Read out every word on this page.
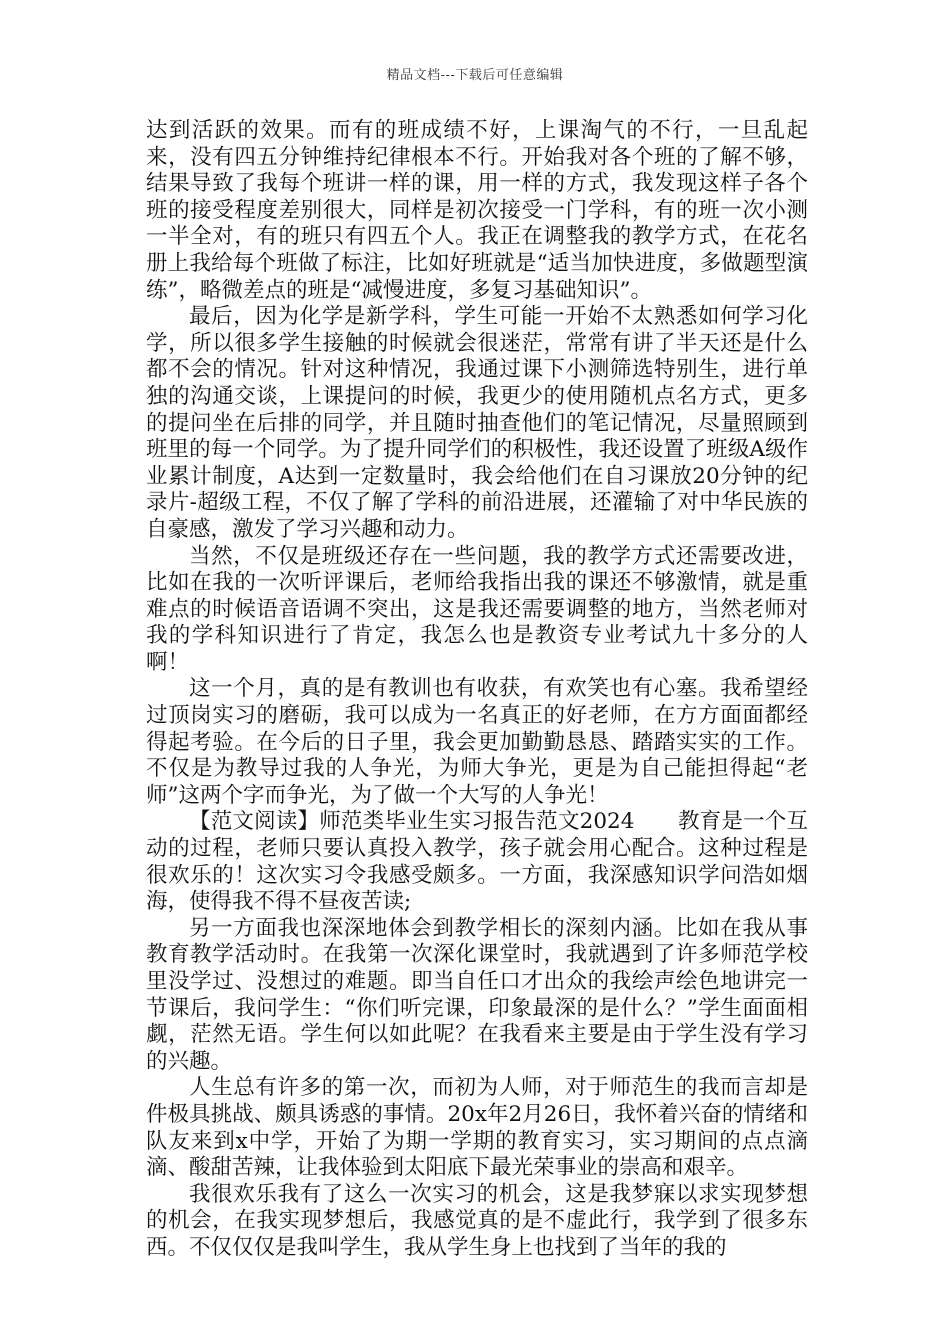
精品文档---下载后可任意编辑

达到活跃的效果。而有的班成绩不好，上课淘气的不行，一旦乱起来，没有四五分钟维持纪律根本不行。开始我对各个班的了解不够，结果导致了我每个班讲一样的课，用一样的方式，我发现这样子各个班的接受程度差别很大，同样是初次接受一门学科，有的班一次小测一半全对，有的班只有四五个人。我正在调整我的教学方式，在花名册上我给每个班做了标注，比如好班就是“适当加快进度，多做题型演练”，略微差点的班是“减慢进度，多复习基础知识”。

最后，因为化学是新学科，学生可能一开始不太熟悉如何学习化学，所以很多学生接触的时候就会很迷茫，常常有讲了半天还是什么都不会的情况。针对这种情况，我通过课下小测筛选特别生，进行单独的沟通交谈，上课提问的时候，我更少的使用随机点名方式，更多的提问坐在后排的同学，并且随时抽查他们的笔记情况，尽量照顾到班里的每一个同学。为了提升同学们的积极性，我还设置了班级A级作业累计制度，A达到一定数量时，我会给他们在自习课放20分钟的纪录片-超级工程，不仅了解了学科的前沿进展，还灌输了对中华民族的自豪感，激发了学习兴趣和动力。

当然，不仅是班级还存在一些问题，我的教学方式还需要改进，比如在我的一次听评课后，老师给我指出我的课还不够激情，就是重难点的时候语音语调不突出，这是我还需要调整的地方，当然老师对我的学科知识进行了肯定，我怎么也是教资专业考试九十多分的人啊！

这一个月，真的是有教训也有收获，有欢笑也有心塞。我希望经过顶岗实习的磨砺，我可以成为一名真正的好老师，在方方面面都经得起考验。在今后的日子里，我会更加勤勤恳恳、踏踏实实的工作。不仅是为教导过我的人争光，为师大争光，更是为自己能担得起“老师”这两个字而争光，为了做一个大写的人争光！

【范文阅读】师范类毕业生实习报告范文2024　　教育是一个互动的过程，老师只要认真投入教学，孩子就会用心配合。这种过程是很欢乐的！这次实习令我感受颇多。一方面，我深感知识学问浩如烟海，使得我不得不昼夜苦读;

另一方面我也深深地体会到教学相长的深刻内涵。比如在我从事教育教学活动时。在我第一次深化课堂时，我就遇到了许多师范学校里没学过、没想过的难题。即当自任口才出众的我绘声绘色地讲完一节课后，我问学生：“你们听完课，印象最深的是什么？”学生面面相觑，茫然无语。学生何以如此呢？在我看来主要是由于学生没有学习的兴趣。

人生总有许多的第一次，而初为人师，对于师范生的我而言却是件极具挑战、颇具诱惑的事情。20x年2月26日，我怀着兴奋的情绪和队友来到x中学，开始了为期一学期的教育实习，实习期间的点点滴滴、酸甜苦辣，让我体验到太阳底下最光荣事业的崇高和艰辛。

我很欢乐我有了这么一次实习的机会，这是我梦寐以求实现梦想的机会，在我实现梦想后，我感觉真的是不虚此行，我学到了很多东西。不仅仅仅是我叫学生，我从学生身上也找到了当年的我的
